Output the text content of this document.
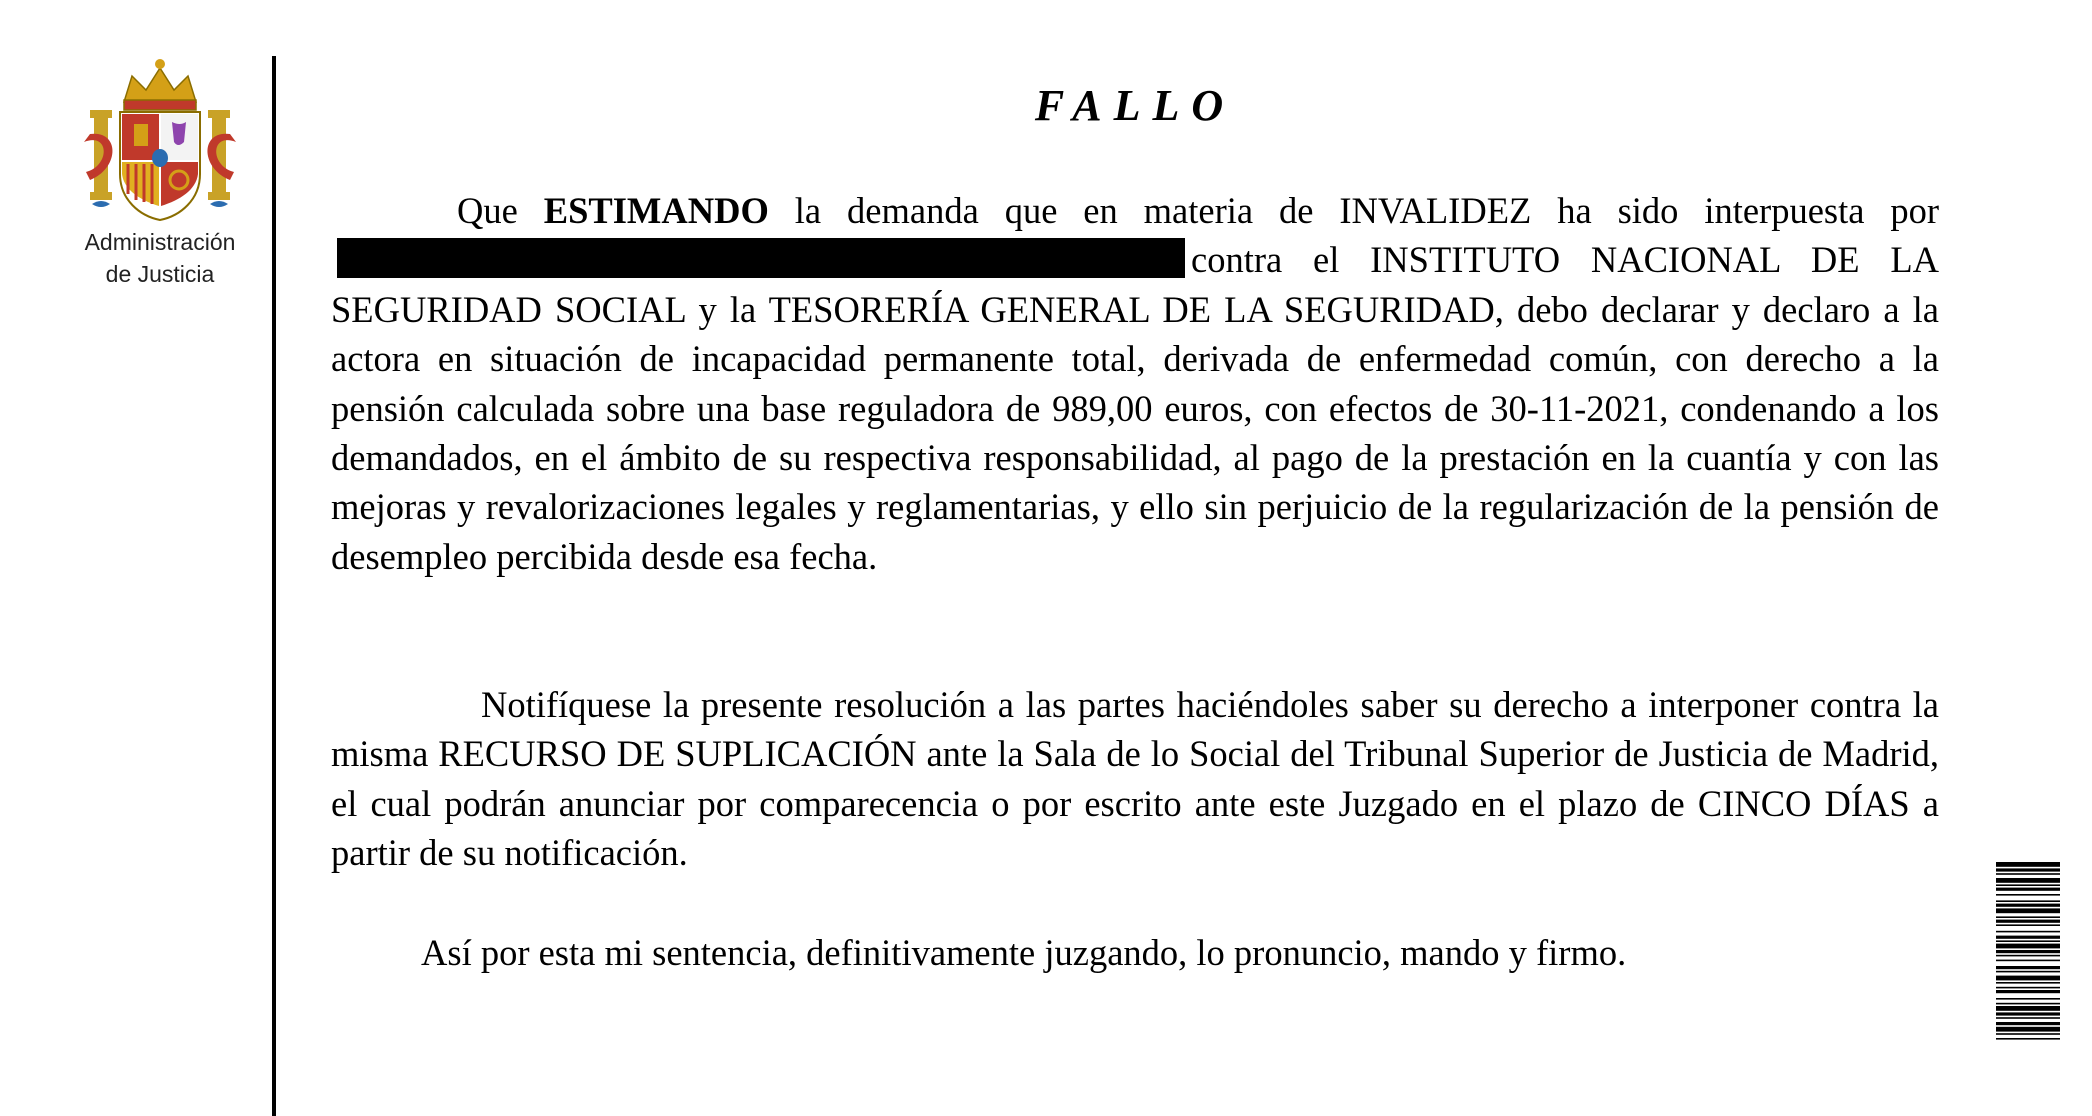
Administración
de Justicia
FALLO

Que ESTIMANDO la demanda que en materia de INVALIDEZ ha sido interpuesta porcontra el INSTITUTO NACIONAL DE LA SEGURIDAD SOCIAL y la TESORERÍA GENERAL DE LA SEGURIDAD, debo declarar y declaro a la actora en situación de incapacidad permanente total, derivada de enfermedad común, con derecho a la pensión calculada sobre una base reguladora de 989,00 euros, con efectos de 30-11-2021, condenando a los demandados, en el ámbito de su respectiva responsabilidad, al pago de la prestación en la cuantía y con las mejoras y revalorizaciones legales y reglamentarias, y ello sin perjuicio de la regularización de la pensión de desempleo percibida desde esa fecha.

Notifíquese la presente resolución a las partes haciéndoles saber su derecho a interponer contra la misma RECURSO DE SUPLICACIÓN ante la Sala de lo Social del Tribunal Superior de Justicia de Madrid, el cual podrán anunciar por comparecencia o por escrito ante este Juzgado en el plazo de CINCO DÍAS a partir de su notificación.

Así por esta mi sentencia, definitivamente juzgando, lo pronuncio, mando y firmo.
